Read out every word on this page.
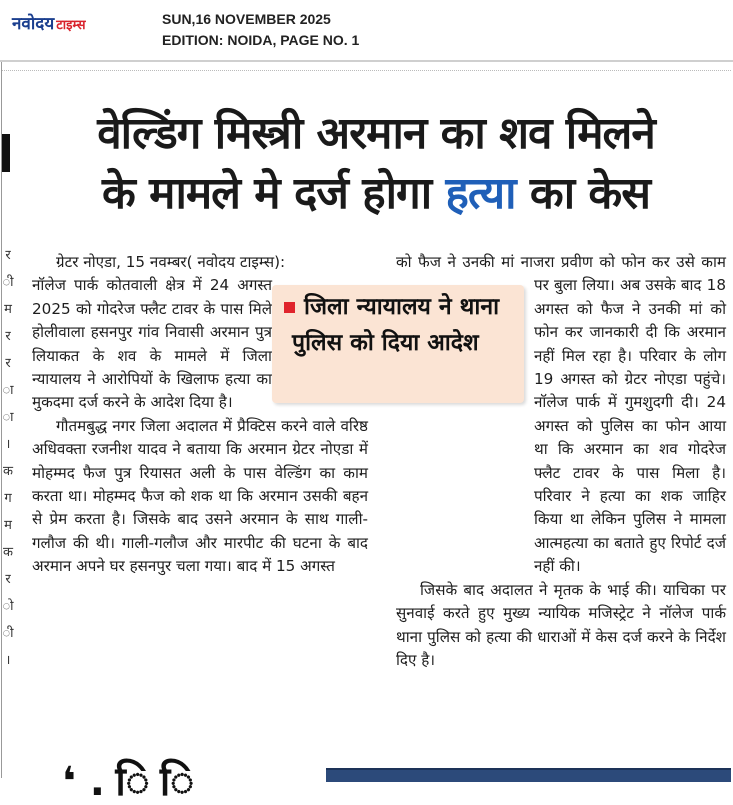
नवोदय टाइम्स	SUN,16 NOVEMBER 2025
EDITION: NOIDA, PAGE NO. 1
र
ी
म
र
र
ा
ा
।
क
ग
म
क
र
ो
ी
।
वेल्डिंग मिस्त्री अरमान का शव मिलने
के मामले मे दर्ज होगा हत्या का केस

ग्रेटर नोएडा, 15 नवम्बर( नवोदय टाइम्स):

नॉलेज पार्क कोतवाली क्षेत्र में 24 अगस्त 2025 को गोदरेज फ्लैट टावर के पास मिले होलीवाला हसनपुर गांव निवासी अरमान पुत्र लियाकत के शव के मामले में जिला न्यायालय ने आरोपियों के खिलाफ हत्या का मुकदमा दर्ज करने के आदेश दिया है।

गौतमबुद्ध नगर जिला अदालत में प्रैक्टिस करने वाले वरिष्ठ अधिवक्ता रजनीश यादव ने बताया कि अरमान ग्रेटर नोएडा में मोहम्मद फैज पुत्र रियासत अली के पास वेल्डिंग का काम करता था। मोहम्मद फैज को शक था कि अरमान उसकी बहन से प्रेम करता है। जिसके बाद उसने अरमान के साथ गाली-गलौज की थी। गाली-गलौज और मारपीट की घटना के बाद अरमान अपने घर हसनपुर चला गया। बाद में 15 अगस्त

को फैज ने उनकी मां नाजरा प्रवीण को फोन कर उसे काम पर बुला लिया। अब उसके बाद 18 अगस्त को फैज ने उनकी मां को फोन कर जानकारी दी कि अरमान नहीं मिल रहा है। परिवार के लोग 19 अगस्त को ग्रेटर नोएडा पहुंचे। नॉलेज पार्क में गुमशुदगी दी। 24 अगस्त को पुलिस का फोन आया था कि अरमान का शव गोदरेज फ्लैट टावर के पास मिला है। परिवार ने हत्या का शक जाहिर किया था लेकिन पुलिस ने मामला आत्महत्या का बताते हुए रिपोर्ट दर्ज नहीं की।

जिसके बाद अदालत ने मृतक के भाई की। याचिका पर सुनवाई करते हुए मुख्य न्यायिक मजिस्ट्रेट ने नॉलेज पार्क थाना पुलिस को हत्या की धाराओं में केस दर्ज करने के निर्देश दिए है।

जिला न्यायालय ने थाना पुलिस को दिया आदेश
❛ . ि ि
